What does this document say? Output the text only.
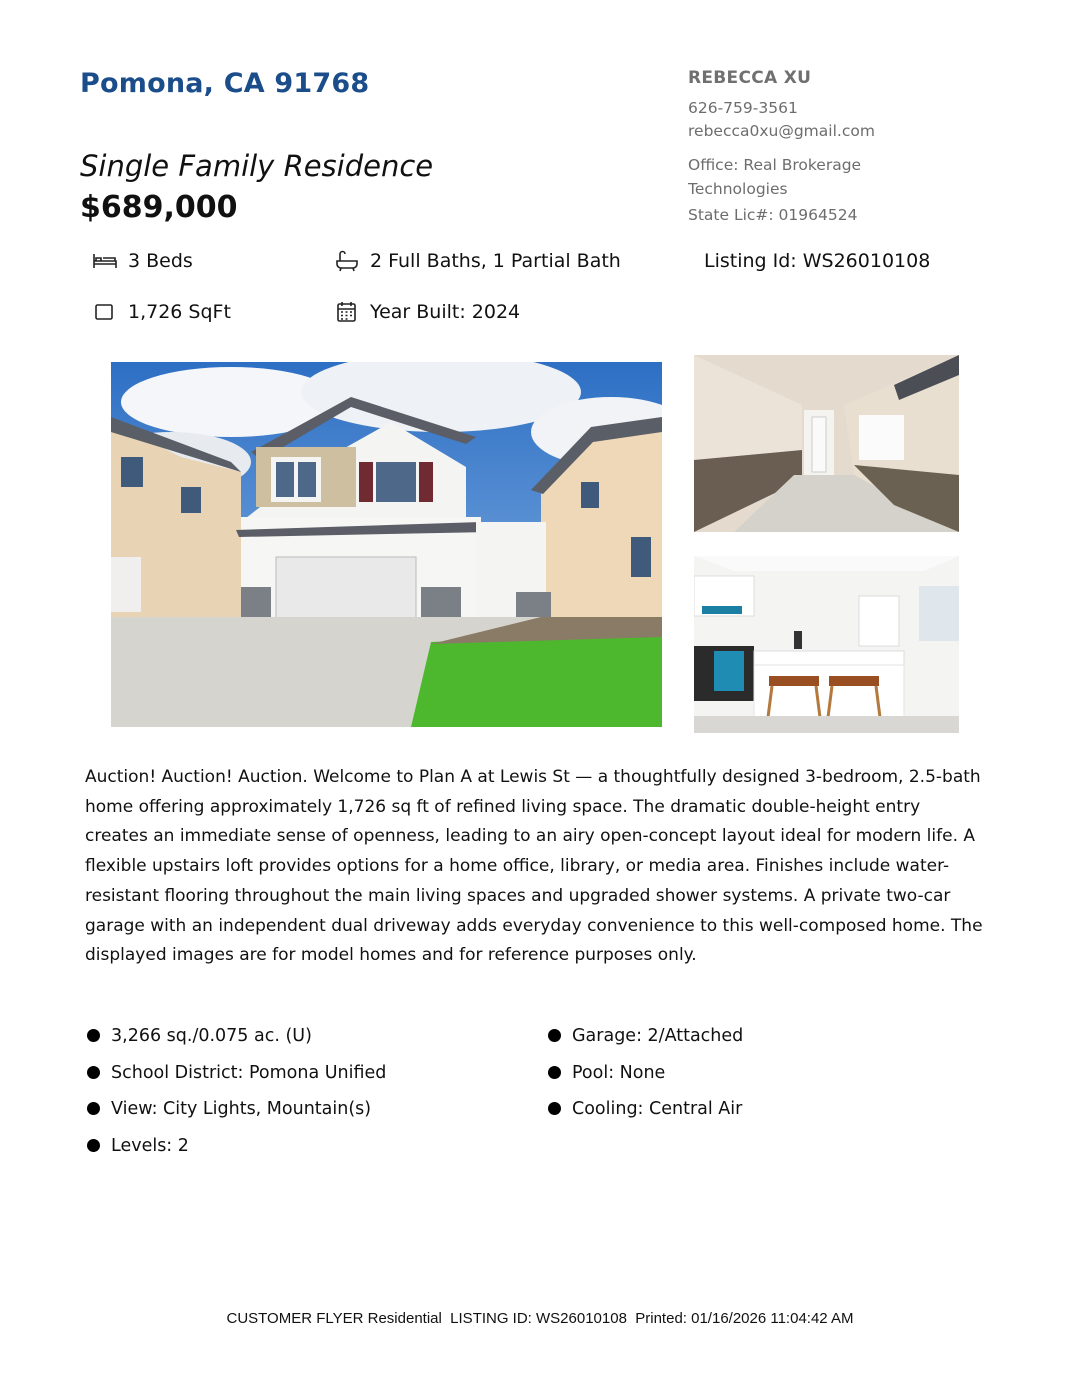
Pomona, CA 91768
Single Family Residence
$689,000
REBECCA XU
626-759-3561
rebecca0xu@gmail.com
Office: Real Brokerage Technologies
State Lic#: 01964524
3 Beds	2 Full Baths, 1 Partial Bath	Listing Id: WS26010108
1,726 SqFt	Year Built: 2024
Auction! Auction! Auction. Welcome to Plan A at Lewis St — a thoughtfully designed 3-bedroom, 2.5-bath home offering approximately 1,726 sq ft of refined living space. The dramatic double-height entry creates an immediate sense of openness, leading to an airy open-concept layout ideal for modern life. A flexible upstairs loft provides options for a home office, library, or media area. Finishes include water-resistant flooring throughout the main living spaces and upgraded shower systems. A private two-car garage with an independent dual driveway adds everyday convenience to this well-composed home. The displayed images are for model homes and for reference purposes only.
3,266 sq./0.075 ac. (U)
School District: Pomona Unified
View: City Lights, Mountain(s)
Levels: 2
Garage: 2/Attached
Pool: None
Cooling: Central Air
CUSTOMER FLYER Residential  LISTING ID: WS26010108  Printed: 01/16/2026 11:04:42 AM
